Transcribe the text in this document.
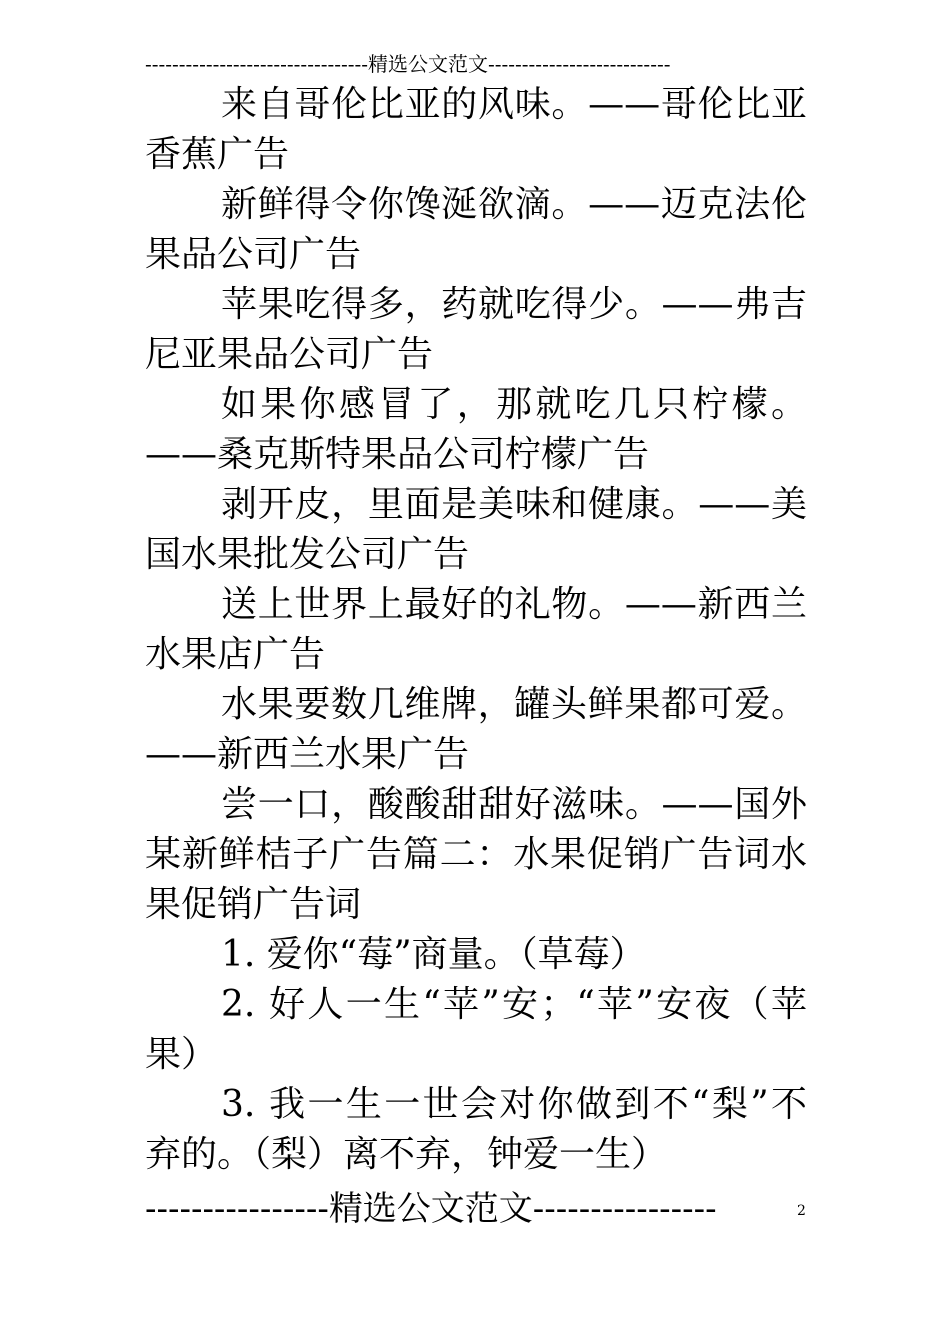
---------------------------------精选公文范文---------------------------

来自哥伦比亚的风味。——哥伦比亚香蕉广告

新鲜得令你馋涎欲滴。——迈克法伦果品公司广告

苹果吃得多，药就吃得少。——弗吉尼亚果品公司广告

如果你感冒了，那就吃几只柠檬。——桑克斯特果品公司柠檬广告

剥开皮，里面是美味和健康。——美国水果批发公司广告

送上世界上最好的礼物。——新西兰水果店广告

水果要数几维牌，罐头鲜果都可爱。——新西兰水果广告

尝一口，酸酸甜甜好滋味。——国外某新鲜桔子广告篇二：水果促销广告词水果促销广告词

1. 爱你“莓”商量。（草莓）

2. 好人一生“苹”安；“苹”安夜（苹果）

3. 我一生一世会对你做到不“梨”不弃的。（梨）离不弃，钟爱一生）

----------------精选公文范文----------------	2
